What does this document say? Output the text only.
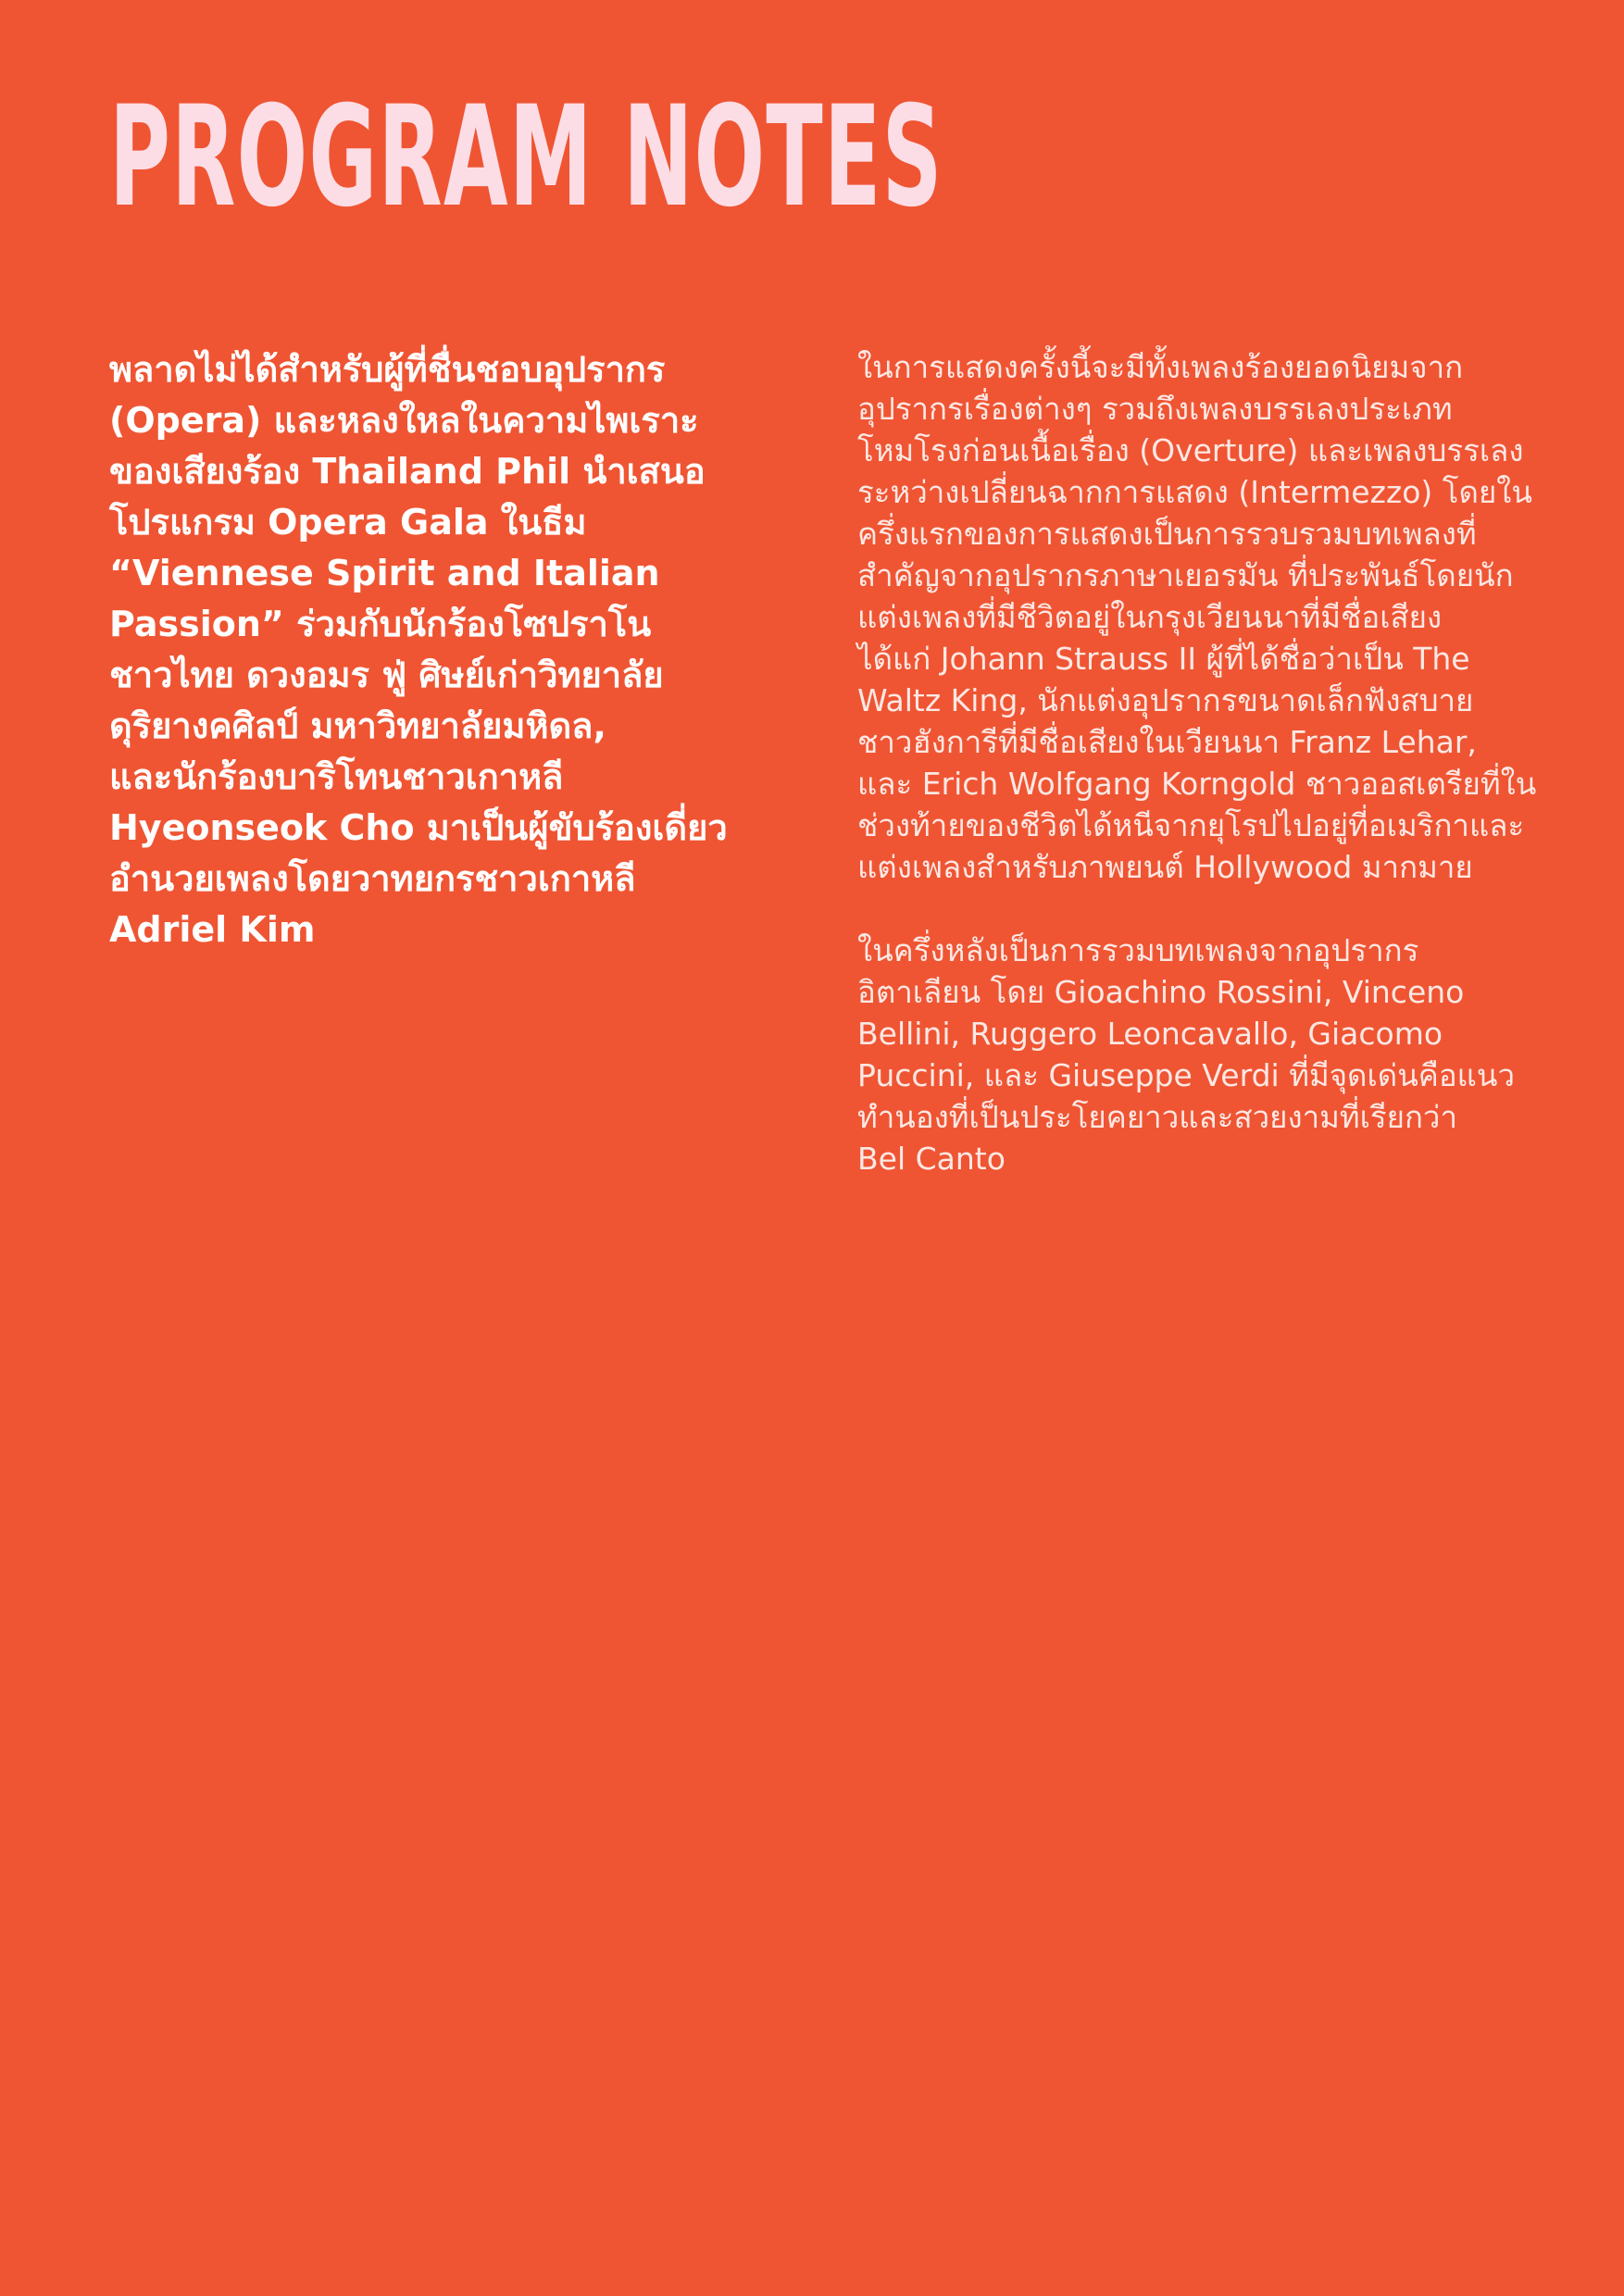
PROGRAM NOTES

พลาดไม่ได้สำหรับผู้ที่ชื่นชอบอุปรากร
(Opera) และหลงใหลในความไพเราะ
ของเสียงร้อง Thailand Phil นำเสนอ
โปรแกรม Opera Gala ในธีม
“Viennese Spirit and Italian
Passion” ร่วมกับนักร้องโซปราโน
ชาวไทย ดวงอมร ฟู่ ศิษย์เก่าวิทยาลัย
ดุริยางคศิลป์ มหาวิทยาลัยมหิดล,
และนักร้องบาริโทนชาวเกาหลี
Hyeonseok Cho มาเป็นผู้ขับร้องเดี่ยว
อำนวยเพลงโดยวาทยกรชาวเกาหลี
Adriel Kim

ในการแสดงครั้งนี้จะมีทั้งเพลงร้องยอดนิยมจาก
อุปรากรเรื่องต่างๆ รวมถึงเพลงบรรเลงประเภท
โหมโรงก่อนเนื้อเรื่อง (Overture) และเพลงบรรเลง
ระหว่างเปลี่ยนฉากการแสดง (Intermezzo) โดยใน
ครึ่งแรกของการแสดงเป็นการรวบรวมบทเพลงที่
สำคัญจากอุปรากรภาษาเยอรมัน ที่ประพันธ์โดยนัก
แต่งเพลงที่มีชีวิตอยู่ในกรุงเวียนนาที่มีชื่อเสียง
ได้แก่ Johann Strauss II ผู้ที่ได้ชื่อว่าเป็น The
Waltz King, นักแต่งอุปรากรขนาดเล็กฟังสบาย
ชาวฮังการีที่มีชื่อเสียงในเวียนนา Franz Lehar,
และ Erich Wolfgang Korngold ชาวออสเตรียที่ใน
ช่วงท้ายของชีวิตได้หนีจากยุโรปไปอยู่ที่อเมริกาและ
แต่งเพลงสำหรับภาพยนต์ Hollywood มากมาย

ในครึ่งหลังเป็นการรวมบทเพลงจากอุปรากร
อิตาเลียน โดย Gioachino Rossini, Vinceno
Bellini, Ruggero Leoncavallo, Giacomo
Puccini, และ Giuseppe Verdi ที่มีจุดเด่นคือแนว
ทำนองที่เป็นประโยคยาวและสวยงามที่เรียกว่า
Bel Canto
